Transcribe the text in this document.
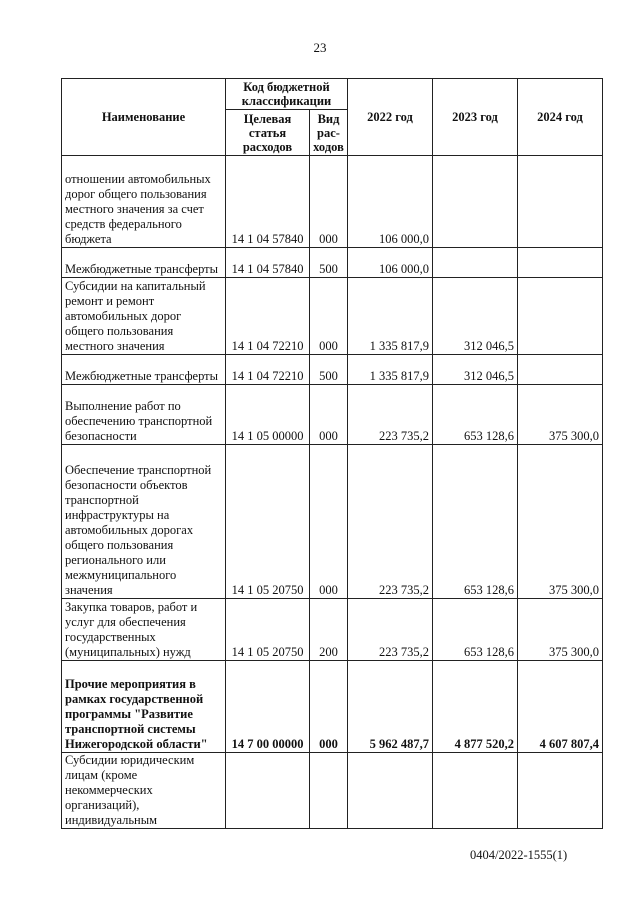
23
Наименование	Код бюджетной классификации		2022 год	2023 год	2024 год
	Целевая статья расходов	Вид рас-ходов			
отношении автомобильных дорог общего пользования местного значения за счет средств федерального бюджета	14 1 04 57840	000	106 000,0		
Межбюджетные трансферты	14 1 04 57840	500	106 000,0		
Субсидии на капитальный ремонт и ремонт автомобильных дорог общего пользования местного значения	14 1 04 72210	000	1 335 817,9	312 046,5	
Межбюджетные трансферты	14 1 04 72210	500	1 335 817,9	312 046,5	
Выполнение работ по обеспечению транспортной безопасности	14 1 05 00000	000	223 735,2	653 128,6	375 300,0
Обеспечение транспортной безопасности объектов транспортной инфраструктуры на автомобильных дорогах общего пользования регионального или межмуниципального значения	14 1 05 20750	000	223 735,2	653 128,6	375 300,0
Закупка товаров, работ и услуг для обеспечения государственных (муниципальных) нужд	14 1 05 20750	200	223 735,2	653 128,6	375 300,0
Прочие мероприятия в рамках государственной программы "Развитие транспортной системы Нижегородской области"	14 7 00 00000	000	5 962 487,7	4 877 520,2	4 607 807,4
Субсидии юридическим лицам (кроме некоммерческих организаций), индивидуальным					
0404/2022-1555(1)
